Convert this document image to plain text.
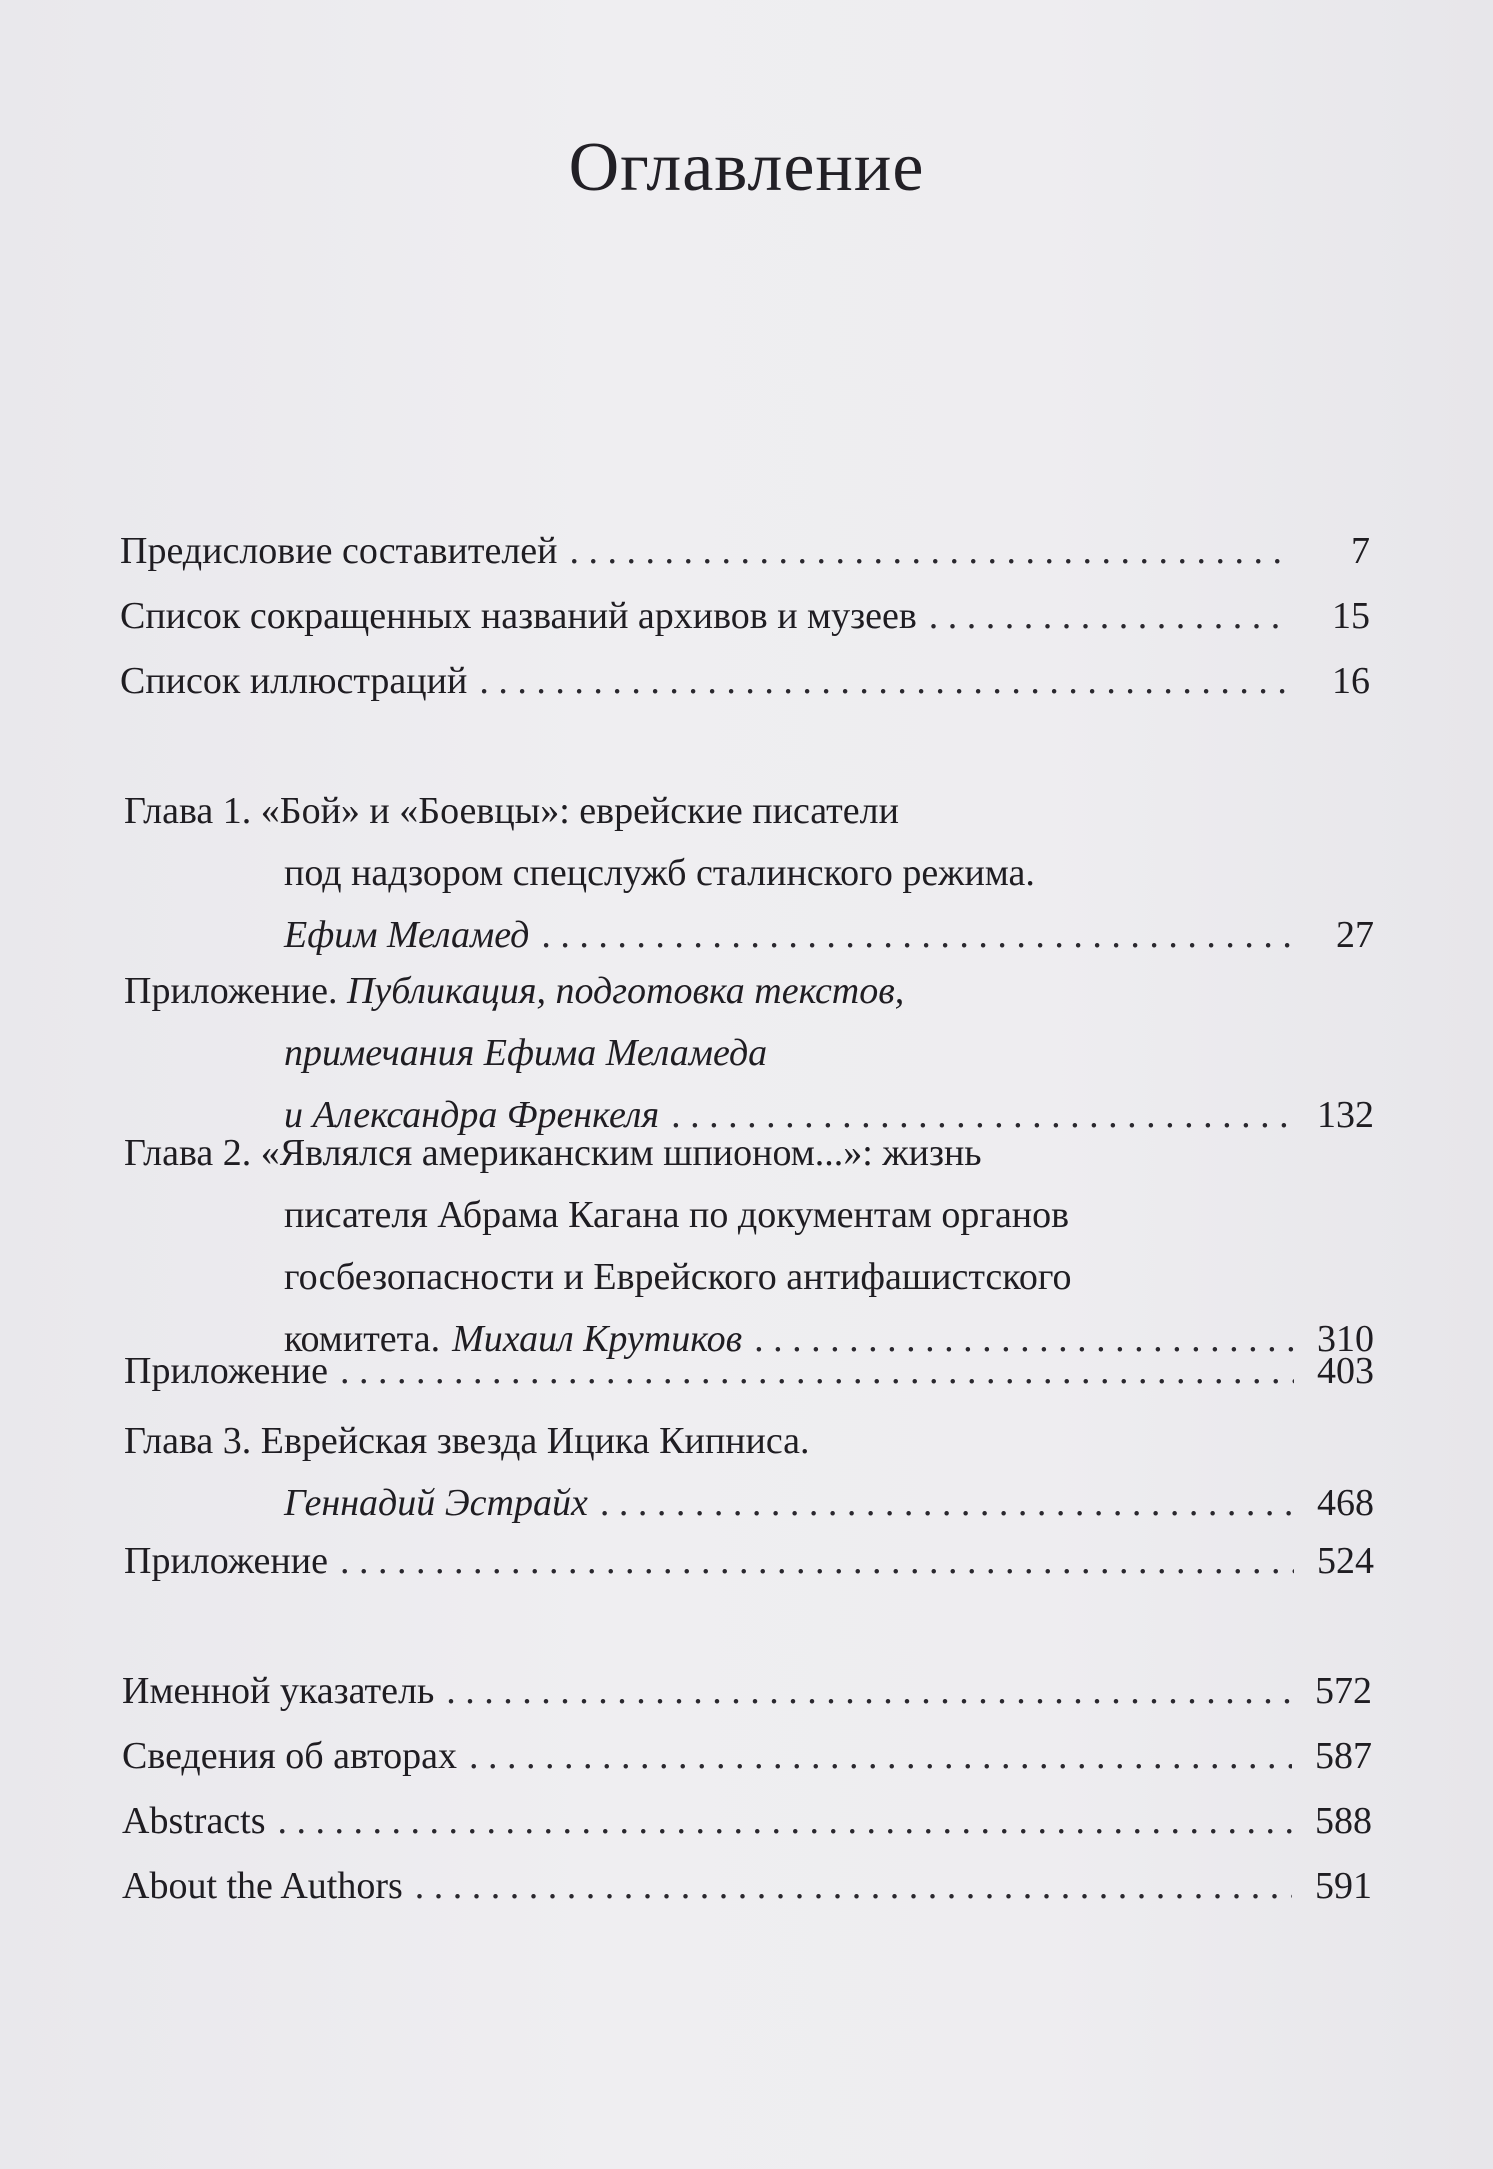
Оглавление
Предисловие составителей . . .	7
Список сокращенных названий архивов и музеев . . .	15
Список иллюстраций . . .	16
Глава 1. «Бой» и «Боевцы»: еврейские писатели
под надзором спецслужб сталинского режима.
Ефим Меламед . . .	27
Приложение. Публикация, подготовка текстов,
примечания Ефима Меламеда
и Александра Френкеля . . .	132
Глава 2. «Являлся американским шпионом...»: жизнь
писателя Абрама Кагана по документам органов
госбезопасности и Еврейского антифашистского
комитета. Михаил Крутиков . . .	310
Приложение . . .	403
Глава 3. Еврейская звезда Ицика Кипниса.
Геннадий Эстрайх . . .	468
Приложение . . .	524
Именной указатель . . .	572
Сведения об авторах . . .	587
Abstracts . . .	588
About the Authors . . .	591
